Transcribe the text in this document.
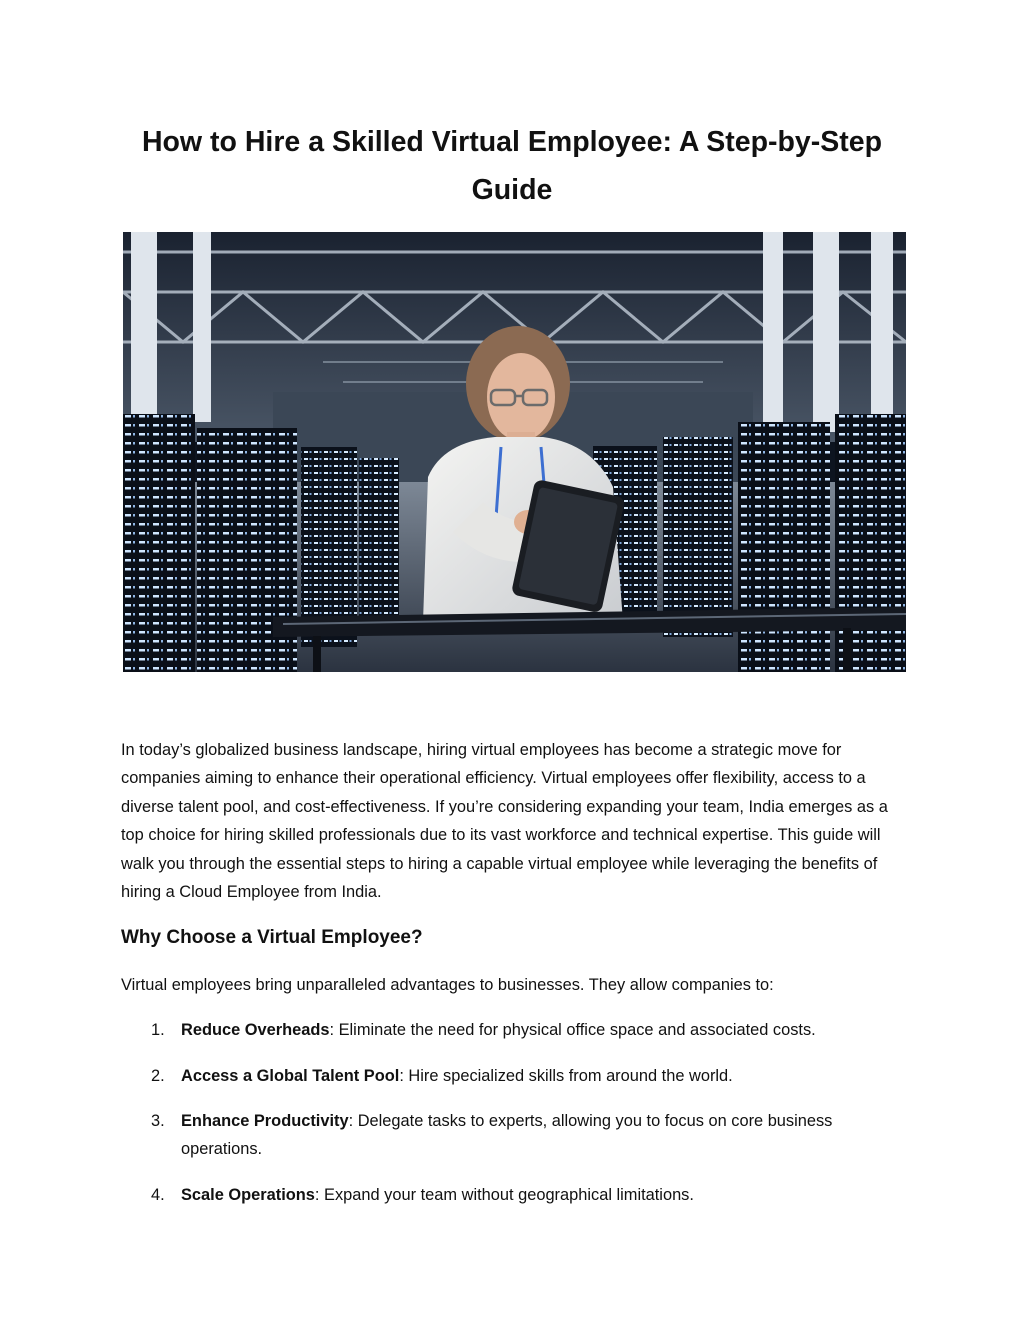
How to Hire a Skilled Virtual Employee: A Step-by-Step Guide

In today’s globalized business landscape, hiring virtual employees has become a strategic move for companies aiming to enhance their operational efficiency. Virtual employees offer flexibility, access to a diverse talent pool, and cost-effectiveness. If you’re considering expanding your team, India emerges as a top choice for hiring skilled professionals due to its vast workforce and technical expertise. This guide will walk you through the essential steps to hiring a capable virtual employee while leveraging the benefits of hiring a Cloud Employee from India.

Why Choose a Virtual Employee?

Virtual employees bring unparalleled advantages to businesses. They allow companies to:

1. Reduce Overheads: Eliminate the need for physical office space and associated costs.
2. Access a Global Talent Pool: Hire specialized skills from around the world.
3. Enhance Productivity: Delegate tasks to experts, allowing you to focus on core business operations.
4. Scale Operations: Expand your team without geographical limitations.
